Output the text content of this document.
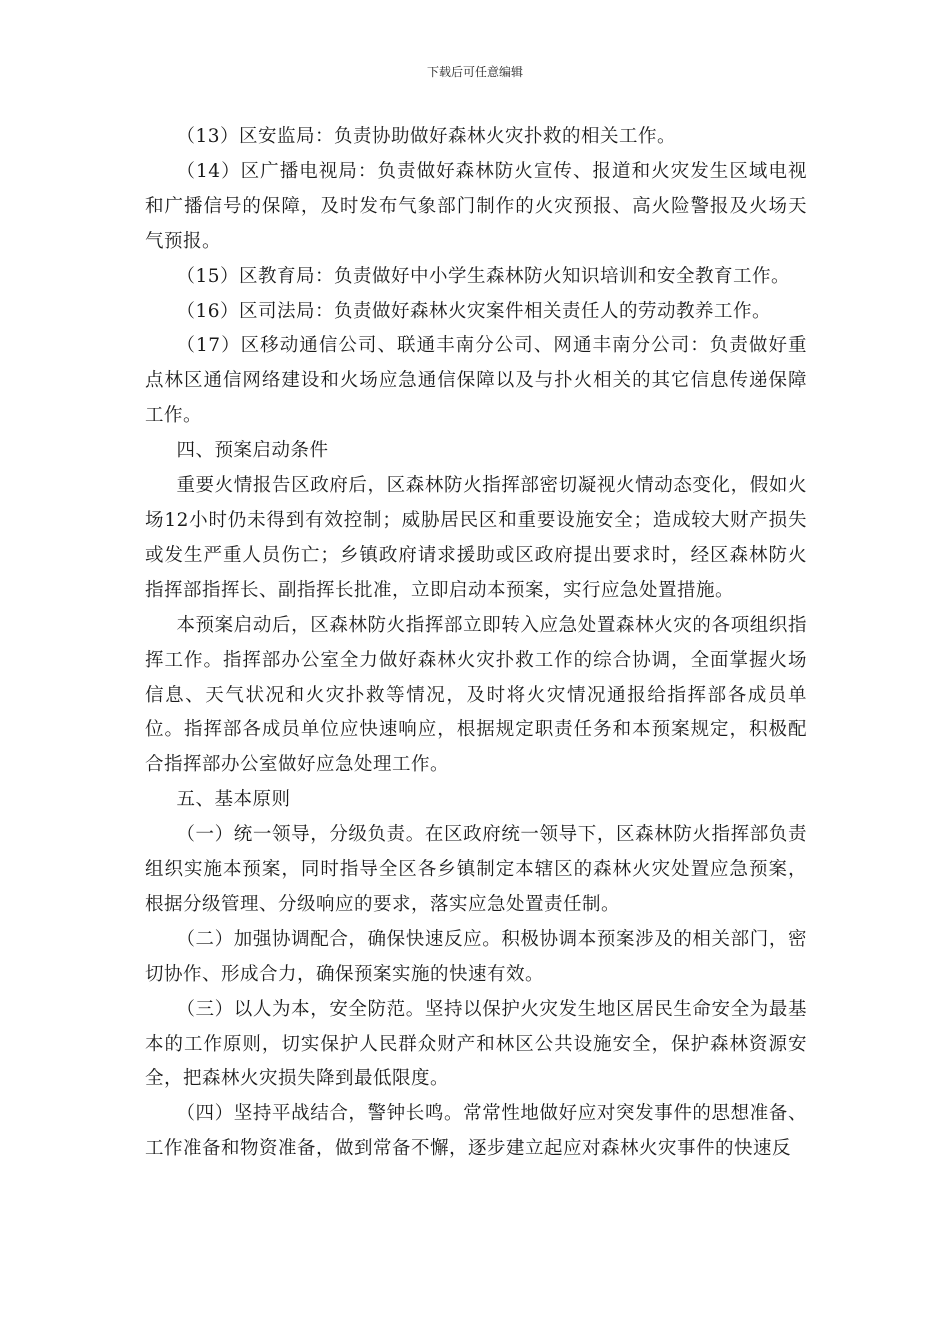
下载后可任意编辑

（13）区安监局：负责协助做好森林火灾扑救的相关工作。

（14）区广播电视局：负责做好森林防火宣传、报道和火灾发生区域电视和广播信号的保障，及时发布气象部门制作的火灾预报、高火险警报及火场天气预报。

（15）区教育局：负责做好中小学生森林防火知识培训和安全教育工作。

（16）区司法局：负责做好森林火灾案件相关责任人的劳动教养工作。

（17）区移动通信公司、联通丰南分公司、网通丰南分公司：负责做好重点林区通信网络建设和火场应急通信保障以及与扑火相关的其它信息传递保障工作。

四、预案启动条件

重要火情报告区政府后，区森林防火指挥部密切凝视火情动态变化，假如火场12小时仍未得到有效控制；威胁居民区和重要设施安全；造成较大财产损失或发生严重人员伤亡；乡镇政府请求援助或区政府提出要求时，经区森林防火指挥部指挥长、副指挥长批准，立即启动本预案，实行应急处置措施。

本预案启动后，区森林防火指挥部立即转入应急处置森林火灾的各项组织指挥工作。指挥部办公室全力做好森林火灾扑救工作的综合协调，全面掌握火场信息、天气状况和火灾扑救等情况，及时将火灾情况通报给指挥部各成员单位。指挥部各成员单位应快速响应，根据规定职责任务和本预案规定，积极配合指挥部办公室做好应急处理工作。

五、基本原则

（一）统一领导，分级负责。在区政府统一领导下，区森林防火指挥部负责组织实施本预案，同时指导全区各乡镇制定本辖区的森林火灾处置应急预案，根据分级管理、分级响应的要求，落实应急处置责任制。

（二）加强协调配合，确保快速反应。积极协调本预案涉及的相关部门，密切协作、形成合力，确保预案实施的快速有效。

（三）以人为本，安全防范。坚持以保护火灾发生地区居民生命安全为最基本的工作原则，切实保护人民群众财产和林区公共设施安全，保护森林资源安全，把森林火灾损失降到最低限度。

（四）坚持平战结合，警钟长鸣。常常性地做好应对突发事件的思想准备、工作准备和物资准备，做到常备不懈，逐步建立起应对森林火灾事件的快速反
